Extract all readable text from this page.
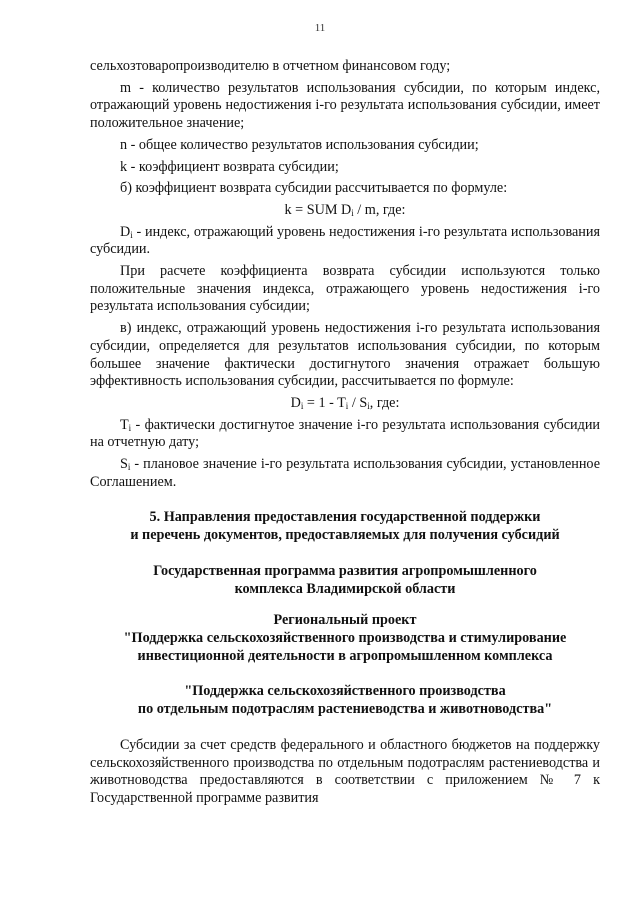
11

сельхозтоваропроизводителю в отчетном финансовом году;

m - количество результатов использования субсидии, по которым индекс, отражающий уровень недостижения i-го результата использования субсидии, имеет положительное значение;

n - общее количество результатов использования субсидии;

k - коэффициент возврата субсидии;

б) коэффициент возврата субсидии рассчитывается по формуле:

k = SUM $D_i$ / m, где:

$D_i$ - индекс, отражающий уровень недостижения i-го результата использования субсидии.

При расчете коэффициента возврата субсидии используются только положительные значения индекса, отражающего уровень недостижения i-го результата использования субсидии;

в) индекс, отражающий уровень недостижения i-го результата использования субсидии, определяется для результатов использования субсидии, по которым большее значение фактически достигнутого значения отражает большую эффективность использования субсидии, рассчитывается по формуле:

$D_i = 1 - T_i / S_i$, где:

$T_i$ - фактически достигнутое значение i-го результата использования субсидии на отчетную дату;

$S_i$ - плановое значение i-го результата использования субсидии, установленное Соглашением.

5. Направления предоставления государственной поддержки
и перечень документов, предоставляемых для получения субсидий

Государственная программа развития агропромышленного
комплекса Владимирской области

Региональный проект
"Поддержка сельскохозяйственного производства и стимулирование
инвестиционной деятельности в агропромышленном комплекса

"Поддержка сельскохозяйственного производства
по отдельным подотраслям растениеводства и животноводства"

Субсидии за счет средств федерального и областного бюджетов на поддержку сельскохозяйственного производства по отдельным подотраслям растениеводства и животноводства предоставляются в соответствии с приложением № 7 к Государственной программе развития
